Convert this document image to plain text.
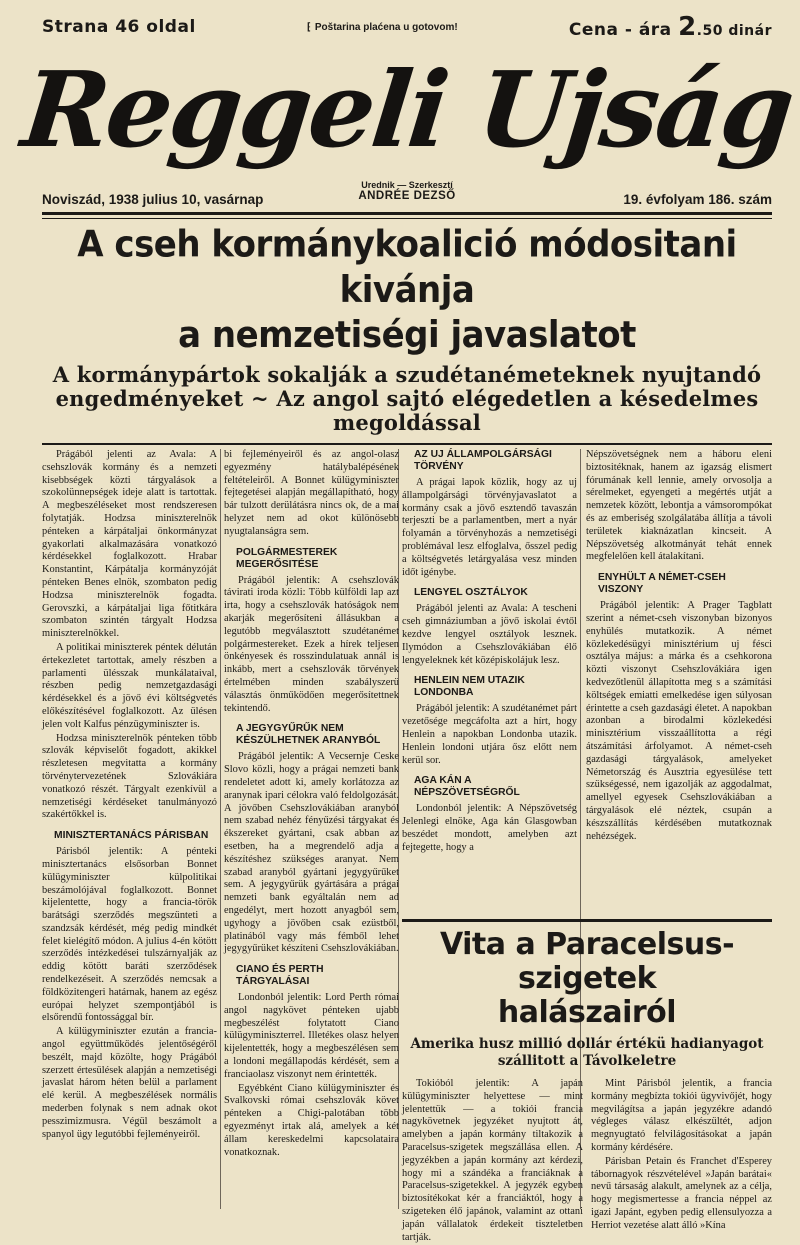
Strana 46 oldal	⁅ Poštarina plaćena u gotovom!	Cena - ára 2.50 dinár
Reggeli Ujság
Noviszád, 1938 julius 10, vasárnap
Urednik — Szerkesztí
ANDRÉE DEZSŐ	19. évfolyam 186. szám
A cseh kormánykoalició módositani kivánja
a nemzetiségi javaslatot
A kormánypártok sokalják a szudétanémeteknek nyujtandó engedményeket ~ Az angol sajtó elégedetlen a késedelmes megoldással

Prágából jelenti az Avala: A csehszlovák kormány és a nemzeti kisebbségek közti tárgyalások a szokolünnepségek ideje alatt is tartottak. A megbeszéléseket most rendszeresen folytatják. Hodzsa miniszterelnök pénteken a kárpátaljai önkormányzat gyakorlati alkalmazására vonatkozó kérdésekkel foglalkozott. Hrabar Konstantint, Kárpátalja kormányzóját pénteken Benes elnök, szombaton pedig Hodzsa miniszterelnök fogadta. Gerovszki, a kárpátaljai liga főtitkára szombaton szintén tárgyalt Hodzsa miniszterelnökkel.

A politikai miniszterek péntek délután értekezletet tartottak, amely részben a parlamenti ülésszak munkálataival, részben pedig nemzetgazdasági kérdésekkel és a jövő évi költségvetés előkészítésével foglalkozott. Az ülésen jelen volt Kalfus pénzügyminiszter is.

Hodzsa miniszterelnök pénteken több szlovák képviselőt fogadott, akikkel részletesen megvitatta a kormány törvénytervezetének Szlovákiára vonatkozó részét. Tárgyalt ezenkívül a nemzetiségi kérdéseket tanulmányozó szakértőkkel is.

MINISZTERTANÁCS PÁRISBAN

Párisból jelentik: A pénteki minisztertanács elsősorban Bonnet külügyminiszter külpolitikai beszámolójával foglalkozott. Bonnet kijelentette, hogy a francia-török barátsági szerződés megszünteti a szandzsák kérdését, még pedig mindkét felet kielégítő módon. A julius 4-én kötött szerződés intézkedései tulszárnyalják az eddig kötött baráti szerződések rendelkezéseit. A szerződés nemcsak a földközitengeri határnak, hanem az egész európai helyzet szempontjából is elsőrendű fontossággal bír.

A külügyminiszter ezután a francia-angol együttműködés jelentőségéről beszélt, majd közölte, hogy Prágából szerzett értesülések alapján a nemzetiségi javaslat három héten belül a parlament elé kerül. A megbeszélések normális mederben folynak s nem adnak okot pesszimizmusra. Végül beszámolt a spanyol ügy legutóbbi fejleményeiről.

bi fejleményeiről és az angol-olasz egyezmény hatálybalépésének feltételeiről. A Bonnet külügyminiszter fejtegetései alapján megállapítható, hogy bár tulzott derülátásra nincs ok, de a mai helyzet nem ad okot különösebb nyugtalanságra sem.

POLGÁRMESTEREK MEGERŐSITÉSE

Prágából jelentik: A csehszlovák távirati iroda közli: Több külföldi lap azt irta, hogy a csehszlovák hatóságok nem akarják megerősíteni állásukban a legutóbb megválasztott szudétanémet polgármestereket. Ezek a hírek teljesen önkényesek és rosszindulatuak annál is inkább, mert a csehszlovák törvények értelmében minden szabályszerü választás önműködően megerősítettnek tekintendő.

A JEGYGYŰRŰK NEM KÉSZÜLHETNEK ARANYBÓL

Prágából jelentik: A Vecsernje Ceske Slovo közli, hogy a prágai nemzeti bank rendeletet adott ki, amely korlátozza az aranynak ipari célokra való feldolgozását. A jövőben Csehszlovákiában aranyból nem szabad nehéz fényűzési tárgyakat és ékszereket gyártani, csak abban az esetben, ha a megrendelő adja a készítéshez szükséges aranyat. Nem szabad aranyból gyártani jegygyűrűket sem. A jegygyűrük gyártására a prágai nemzeti bank egyáltalán nem ad engedélyt, mert hozott anyagból sem, ugyhogy a jövőben csak ezüstből, platinából vagy más fémből lehet jegygyűrüket készíteni Csehszlovákiában.

CIANO ÉS PERTH TÁRGYALÁSAI

Londonból jelentik: Lord Perth római angol nagykövet pénteken ujabb megbeszélést folytatott Ciano külügyminiszterrel. Illetékes olasz helyen kijelentették, hogy a megbeszélésen sem a londoni megállapodás kérdését, sem a franciaolasz viszonyt nem érintették.

Egyébként Ciano külügyminiszter és Svalkovski római csehszlovák követ pénteken a Chigi-palotában több egyezményt irtak alá, amelyek a két állam kereskedelmi kapcsolataira vonatkoznak.

AZ UJ ÁLLAMPOLGÁRSÁGI TÖRVÉNY

A prágai lapok közlik, hogy az uj állampolgársági törvényjavaslatot a kormány csak a jövő esztendő tavaszán terjeszti be a parlamentben, mert a nyár folyamán a törvényhozás a nemzetiségi problémával lesz elfoglalva, ősszel pedig a költségvetés letárgyalása vesz minden időt igénybe.

LENGYEL OSZTÁLYOK

Prágából jelenti az Avala: A tescheni cseh gimnáziumban a jövő iskolai évtől kezdve lengyel osztályok lesznek. Ilymódon a Csehszlovákiában élő lengyeleknek két középiskolájuk lesz.

HENLEIN NEM UTAZIK LONDONBA

Prágából jelentik: A szudétanémet párt vezetősége megcáfolta azt a hírt, hogy Henlein a napokban Londonba utazik. Henlein londoni utjára ősz előtt nem kerül sor.

AGA KÁN A NÉPSZÖVETSÉGRŐL

Londonból jelentik: A Népszövetség Jelenlegi elnöke, Aga kán Glasgowban beszédet mondott, amelyben azt fejtegette, hogy a

Népszövetségnek nem a háboru eleni biztositéknak, hanem az igazság elismert fórumának kell lennie, amely orvosolja a sérelmeket, egyengeti a megértés utját a nemzetek között, lebontja a vámsorompókat és az emberiség szolgálatába állítja a távoli területek kiaknázatlan kincseit. A Népszövetség alkotmányát tehát ennek megfelelően kell átalakítani.

ENYHÜLT A NÉMET-CSEH VISZONY

Prágából jelentik: A Prager Tagblatt szerint a német-cseh viszonyban bizonyos enyhülés mutatkozik. A német közlekedésügyi minisztérium uj fésci osztálya május: a márka és a csehkorona közti viszonyt Csehszlovákiára igen kedvezőtlenül állapította meg s a számítási költségek emiatti emelkedése igen súlyosan érintette a cseh gazdasági életet. A napokban azonban a birodalmi közlekedési minisztérium visszaállította a régi átszámítási árfolyamot. A német-cseh gazdasági tárgyalások, amelyeket Németország és Ausztria egyesülése tett szükségessé, nem igazolják az aggodalmat, amellyel egyesek Csehszlovákiában a tárgyalások elé néztek, csupán a készszállítás kérdésében mutatkoznak nehézségek.

Vita a Paracelsus-szigetek
halászairól
Amerika husz millió dollár értékü hadianyagot
szállitott a Távolkeletre

Tokióból jelentik: A japán külügyminiszter helyettese — mint jelentettük — a tokiói francia nagykövetnek jegyzéket nyujtott át, amelyben a japán kormány tiltakozik a Paracelsus-szigetek megszállása ellen. A jegyzékben a japán kormány azt kérdezi, hogy mi a szándéka a franciáknak a Paracelsus-szigetekkel. A jegyzék egyben biztosítékokat kér a franciáktól, hogy a szigeteken élő japánok, valamint az ottani japán vállalatok érdekeit tiszteletben tartják.

Mint Párisból jelentik, a francia kormány megbízta tokiói ügyvivőjét, hogy megvilágítsa a japán jegyzékre adandó végleges válasz elkészültét, adjon megnyugtató felvilágosításokat a japán kormány kérdésére.

Párisban Petain és Franchet d'Esperey tábornagyok részvételével »Japán barátai« nevű társaság alakult, amelynek az a célja, hogy megismertesse a francia néppel az igazi Japánt, egyben pedig ellensulyozza a Herriot vezetése alatt álló »Kína
